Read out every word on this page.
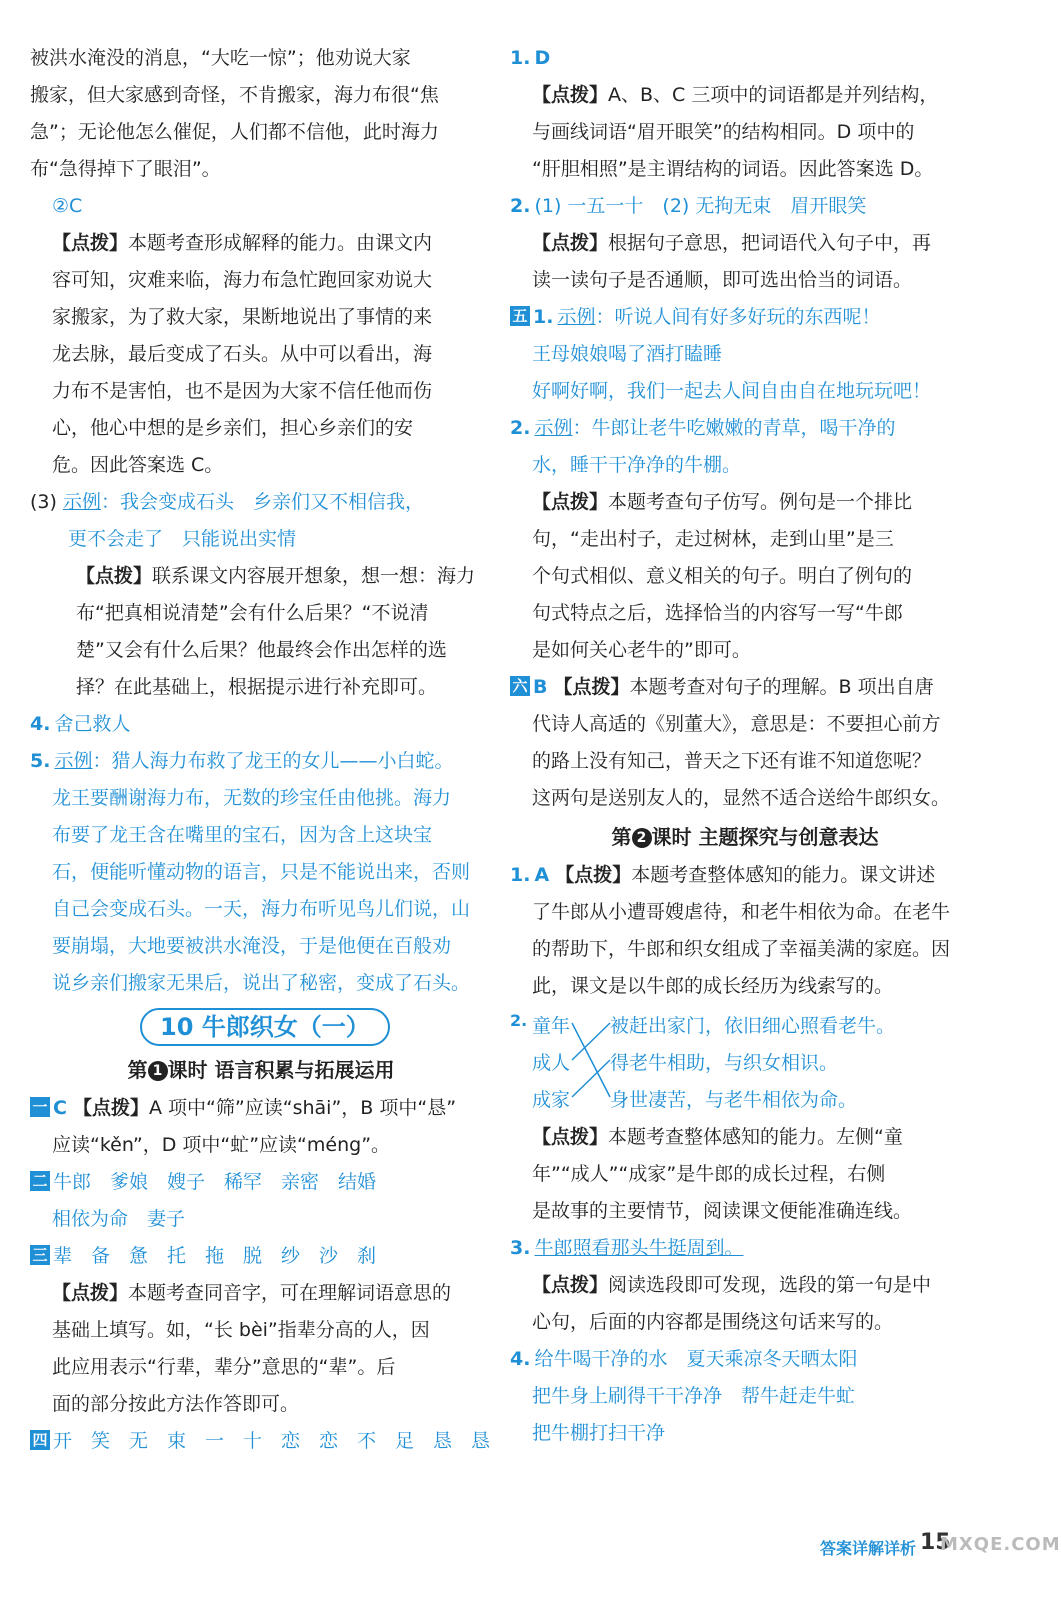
被洪水淹没的消息，“大吃一惊”；他劝说大家
搬家，但大家感到奇怪，不肯搬家，海力布很“焦
急”；无论他怎么催促，人们都不信他，此时海力
布“急得掉下了眼泪”。
②C
【点拨】本题考查形成解释的能力。由课文内
容可知，灾难来临，海力布急忙跑回家劝说大
家搬家，为了救大家，果断地说出了事情的来
龙去脉，最后变成了石头。从中可以看出，海
力布不是害怕，也不是因为大家不信任他而伤
心，他心中想的是乡亲们，担心乡亲们的安
危。因此答案选 C。
(3) 示例：我会变成石头　乡亲们又不相信我，
更不会走了　只能说出实情
【点拨】联系课文内容展开想象，想一想：海力
布“把真相说清楚”会有什么后果？“不说清
楚”又会有什么后果？他最终会作出怎样的选
择？在此基础上，根据提示进行补充即可。
4. 舍己救人
5. 示例：猎人海力布救了龙王的女儿——小白蛇。
龙王要酬谢海力布，无数的珍宝任由他挑。海力
布要了龙王含在嘴里的宝石，因为含上这块宝
石，便能听懂动物的语言，只是不能说出来，否则
自己会变成石头。一天，海力布听见鸟儿们说，山
要崩塌，大地要被洪水淹没，于是他便在百般劝
说乡亲们搬家无果后，说出了秘密，变成了石头。
10 牛郎织女（一）
第 1 课时 语言积累与拓展运用
一 C 【点拨】A 项中“筛”应读“shāi”，B 项中“恳”
应读“kěn”，D 项中“虻”应读“méng”。
二 牛郎　爹娘　嫂子　稀罕　亲密　结婚
相依为命　妻子
三 辈　备　惫　托　拖　脱　纱　沙　刹
【点拨】本题考查同音字，可在理解词语意思的
基础上填写。如，“长 bèi”指辈分高的人，因
此应用表示“行辈，辈分”意思的“辈”。后
面的部分按此方法作答即可。
四 开　笑　无　束　一　十　恋　恋　不　足　恳　恳
1. D
【点拨】A、B、C 三项中的词语都是并列结构，
与画线词语“眉开眼笑”的结构相同。D 项中的
“肝胆相照”是主谓结构的词语。因此答案选 D。
2. (1) 一五一十　(2) 无拘无束　眉开眼笑
【点拨】根据句子意思，把词语代入句子中，再
读一读句子是否通顺，即可选出恰当的词语。
五 1. 示例：听说人间有好多好玩的东西呢！
王母娘娘喝了酒打瞌睡
好啊好啊，我们一起去人间自由自在地玩玩吧！
2. 示例：牛郎让老牛吃嫩嫩的青草，喝干净的
水，睡干干净净的牛棚。
【点拨】本题考查句子仿写。例句是一个排比
句，“走出村子，走过树林，走到山里”是三
个句式相似、意义相关的句子。明白了例句的
句式特点之后，选择恰当的内容写一写“牛郎
是如何关心老牛的”即可。
六 B 【点拨】本题考查对句子的理解。B 项出自唐
代诗人高适的《别董大》，意思是：不要担心前方
的路上没有知己，普天之下还有谁不知道您呢？
这两句是送别友人的，显然不适合送给牛郎织女。
第 2 课时 主题探究与创意表达
1. A 【点拨】本题考查整体感知的能力。课文讲述
了牛郎从小遭哥嫂虐待，和老牛相依为命。在老牛
的帮助下，牛郎和织女组成了幸福美满的家庭。因
此，课文是以牛郎的成长经历为线索写的。
2. 童年
成人
成家
被赶出家门，依旧细心照看老牛。
得老牛相助，与织女相识。
身世凄苦，与老牛相依为命。
【点拨】本题考查整体感知的能力。左侧“童
年”“成人”“成家”是牛郎的成长过程，右侧
是故事的主要情节，阅读课文便能准确连线。
3. 牛郎照看那头牛挺周到。
【点拨】阅读选段即可发现，选段的第一句是中
心句，后面的内容都是围绕这句话来写的。
4. 给牛喝干净的水　夏天乘凉冬天晒太阳
把牛身上刷得干干净净　帮牛赶走牛虻
把牛棚打扫干净
答案详解详析 15
MXQE.COM
